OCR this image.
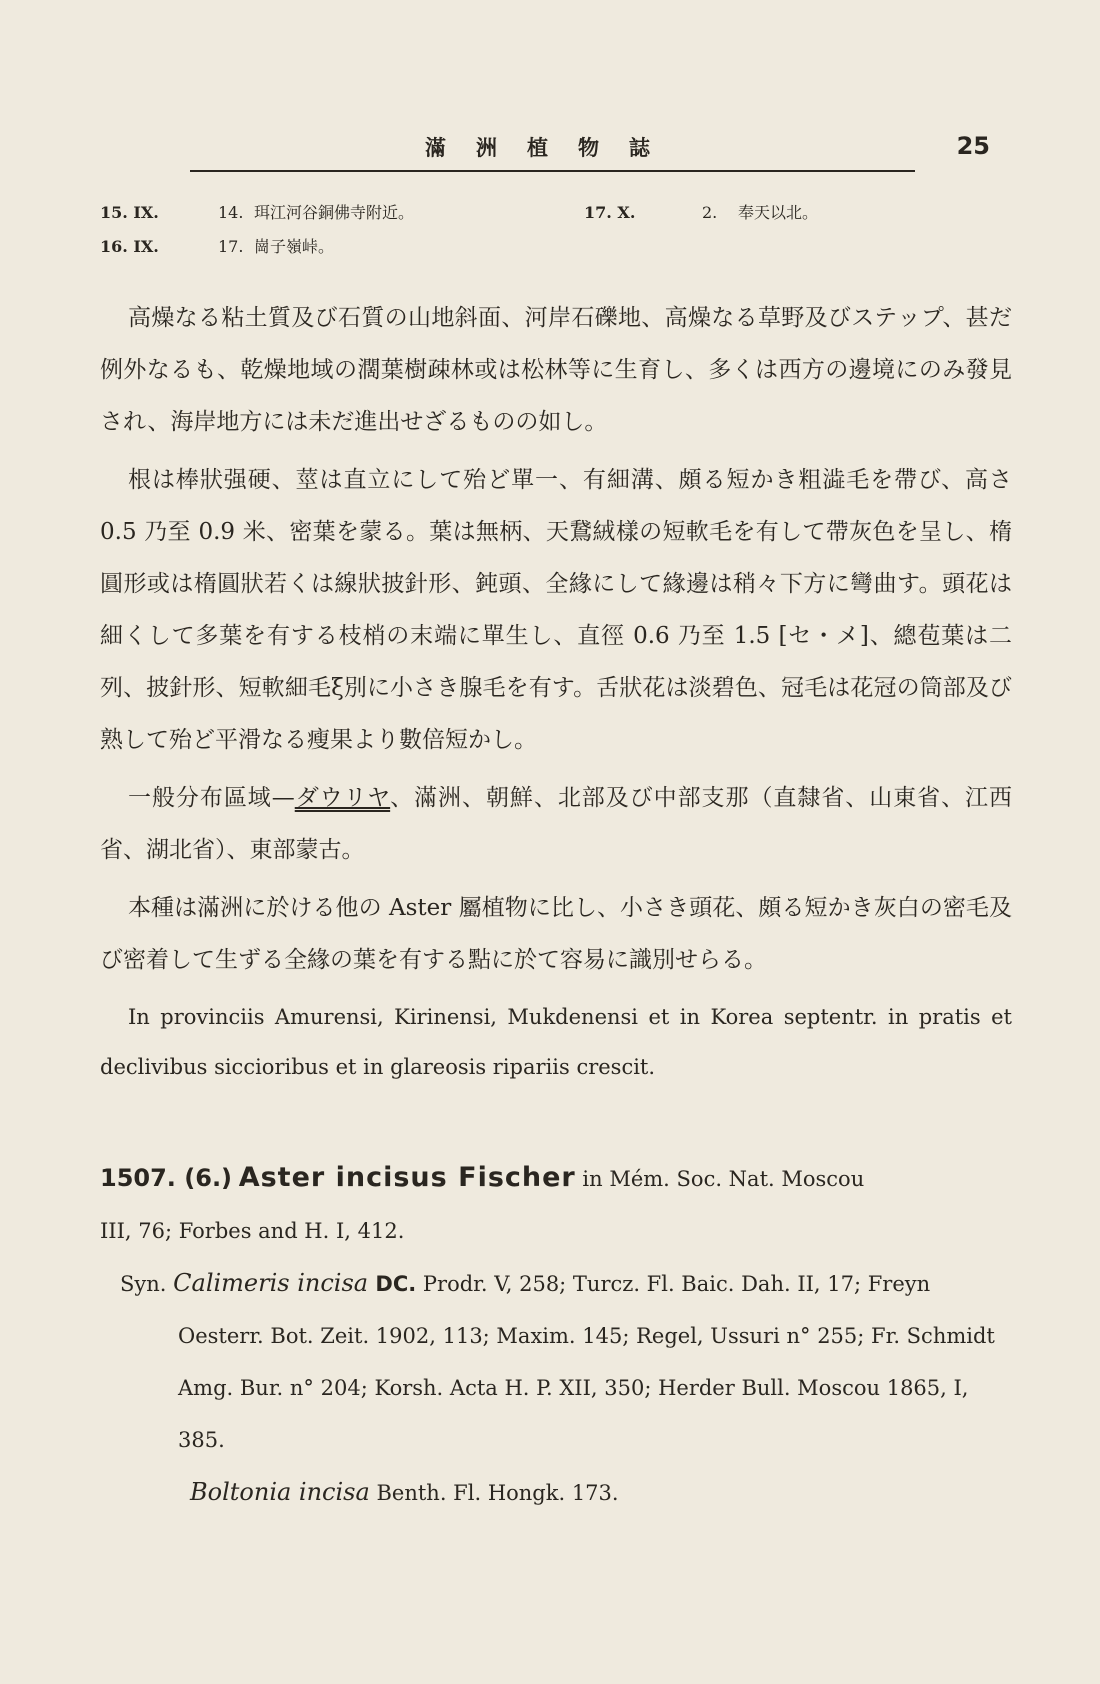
滿洲植物誌	25
15. IX.	14. 珥江河谷銅佛寺附近。	17. X.	2.	奉天以北。
16. IX.	17. 崗子嶺峠。

高燥なる粘土質及び石質の山地斜面、河岸石礫地、高燥なる草野及びステップ、甚だ例外なるも、乾燥地域の濶葉樹疎林或は松林等に生育し、多くは西方の邊境にのみ發見され、海岸地方には未だ進出せざるものの如し。

根は棒狀强硬、莖は直立にして殆ど單一、有細溝、頗る短かき粗澁毛を帶び、高さ 0.5 乃至 0.9 米、密葉を蒙る。葉は無柄、天鵞絨樣の短軟毛を有して帶灰色を呈し、楕圓形或は楕圓狀若くは線狀披針形、鈍頭、全緣にして緣邊は稍々下方に彎曲す。頭花は細くして多葉を有する枝梢の末端に單生し、直徑 0.6 乃至 1.5 [セ・メ]、總苞葉は二列、披針形、短軟細毛ξ別に小さき腺毛を有す。舌狀花は淡碧色、冠毛は花冠の筒部及び熟して殆ど平滑なる瘦果より數倍短かし。

一般分布區域—ダウリヤ、滿洲、朝鮮、北部及び中部支那（直隸省、山東省、江西省、湖北省）、東部蒙古。

本種は滿洲に於ける他の Aster 屬植物に比し、小さき頭花、頗る短かき灰白の密毛及び密着して生ずる全緣の葉を有する點に於て容易に識別せらる。

In provinciis Amurensi, Kirinensi, Mukdenensi et in Korea septentr. in pratis et declivibus siccioribus et in glareosis ripariis crescit.

1507. (6.) Aster incisus Fischer in Mém. Soc. Nat. Moscou

III, 76; Forbes and H. I, 412.

Syn. Calimeris incisa DC. Prodr. V, 258; Turcz. Fl. Baic. Dah. II, 17; Freyn Oesterr. Bot. Zeit. 1902, 113; Maxim. 145; Regel, Ussuri n° 255; Fr. Schmidt Amg. Bur. n° 204; Korsh. Acta H. P. XII, 350; Herder Bull. Moscou 1865, I, 385.

Boltonia incisa Benth. Fl. Hongk. 173.
